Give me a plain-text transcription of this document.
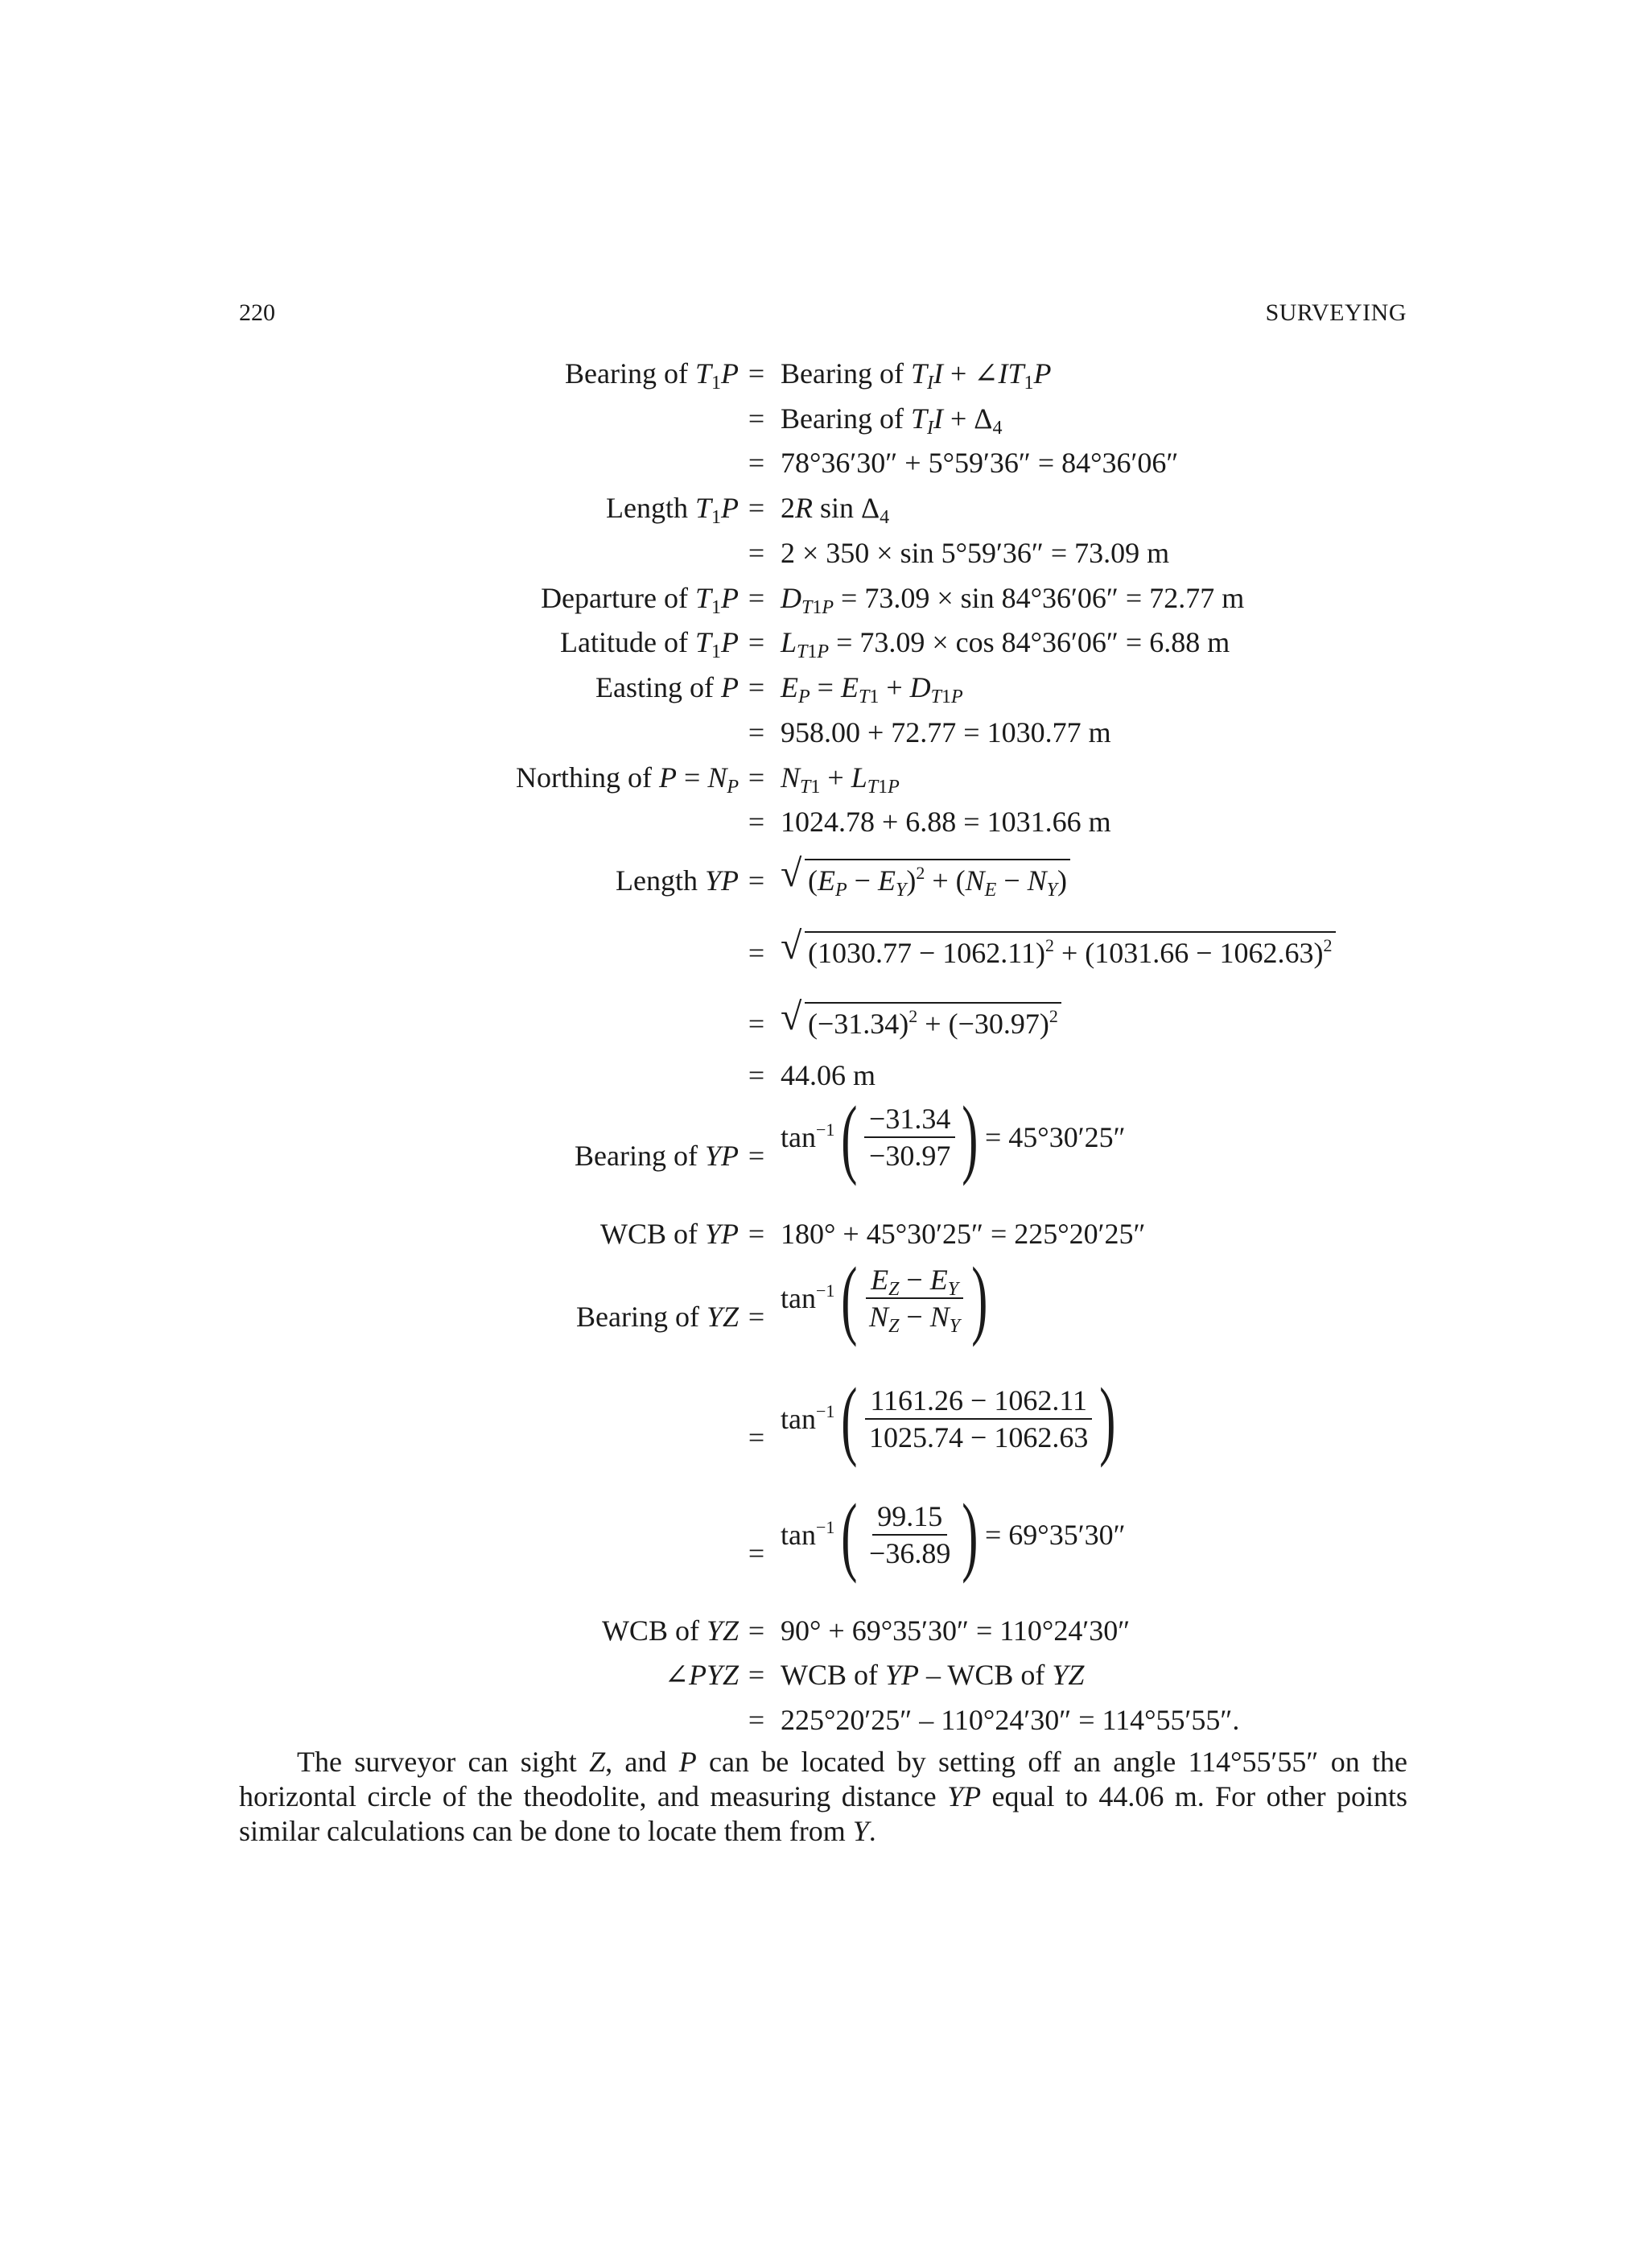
220	SURVEYING
Bearing of $T_1P$ = Bearing of $T_II$ + $\angle IT_1P$
= Bearing of $T_II + \Delta_4$
= 78°36′30″ + 5°59′36″ = 84°36′06″
Length $T_1P = 2R$ $\sin \Delta_4$
= 2 × 350 × sin 5°59′36″ = 73.09 m
Departure of $T_1P = D_{T1P} = 73.09 \times \sin 84^\circ 36'06'' = 72.77$ m
Latitude of $T_1P = L_{T1P} = 73.09 \times \cos 84^\circ 36'06'' = 6.88$ m
Easting of $P = E_P = E_{T1} + D_{T1P}$
= 958.00 + 72.77 = 1030.77 m
Northing of $P = N_P = N_{T1} + L_{T1P}$
= 1024.78 + 6.88 = 1031.66 m
Length YP = √ $(E_P - E_Y)^2 + (N_E - N_Y)$
= √ $(1030.77 - 1062.11)^2 + (1031.66 - 1062.63)^2$
= √ $(-31.34)^2 + (-30.97)^2$
= 44.06 m
Bearing of YP =
$\tan^{-1}$ ( $\frac{-31.34}{-30.97}$ ) = 45°30′25″
WCB of YP = 180° + 45°30′25″ = 225°20′25″
Bearing of YZ =
$\tan^{-1}$ ( $\frac{E_Z - E_Y}{N_Z - N_Y}$ )
=
$\tan^{-1}$ ( $\frac{1161.26 - 1062.11}{1025.74 - 1062.63}$ )
=
$\tan^{-1}$ ( $\frac{99.15}{-36.89}$ ) = 69°35′30″
WCB of YZ = 90° + 69°35′30″ = 110°24′30″
∠PYZ = WCB of YP – WCB of YZ
= 225°20′25″ – 110°24′30″ = 114°55′55″.

The surveyor can sight Z, and P can be located by setting off an angle 114°55′55″ on the horizontal circle of the theodolite, and measuring distance YP equal to 44.06 m. For other points similar calculations can be done to locate them from Y.
